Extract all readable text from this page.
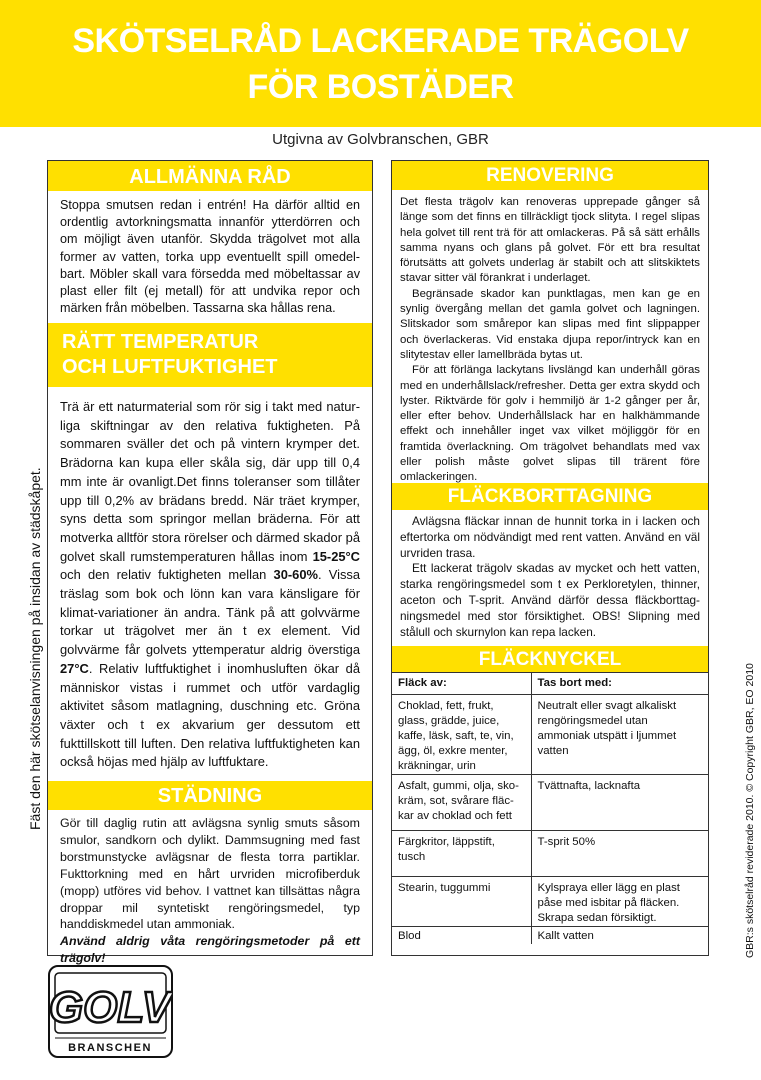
SKÖTSELRÅD LACKERADE TRÄGOLV
FÖR BOSTÄDER
Utgivna av Golvbranschen, GBR
Fäst den här skötselanvisningen på insidan av städskåpet.	GBR:s skötselråd reviderade 2010. © Copyright GBR, EO 2010
ALLMÄNNA RÅD

Stoppa smutsen redan i entrén! Ha därför alltid en ordentlig avtorkningsmatta innanför ytterdörren och om möjligt även utanför. Skydda trägolvet mot alla former av vatten, torka upp eventuellt spill omedel-bart. Möbler skall vara försedda med möbeltassar av plast eller filt (ej metall) för att undvika repor och märken från möbelben. Tassarna ska hållas rena.

RÄTT TEMPERATUR
OCH LUFTFUKTIGHET

Trä är ett naturmaterial som rör sig i takt med natur-liga skiftningar av den relativa fuktigheten. På sommaren sväller det och på vintern krymper det. Brädorna kan kupa eller skåla sig, där upp till 0,4 mm inte är ovanligt.Det finns toleranser som tillåter upp till 0,2% av brädans bredd. När träet krymper, syns detta som springor mellan bräderna. För att motverka alltför stora rörelser och därmed skador på golvet skall rumstemperaturen hållas inom 15-25°C och den relativ fuktigheten mellan 30-60%. Vissa träslag som bok och lönn kan vara känsligare för klimat-variationer än andra. Tänk på att golvvärme torkar ut trägolvet mer än t ex element. Vid golvvärme får golvets yttemperatur aldrig överstiga 27°C. Relativ luftfuktighet i inomhusluften ökar då människor vistas i rummet och utför vardaglig aktivitet såsom matlagning, duschning etc. Gröna växter och t ex akvarium ger dessutom ett fukttillskott till luften. Den relativa luftfuktigheten kan också höjas med hjälp av luftfuktare.

STÄDNING

Gör till daglig rutin att avlägsna synlig smuts såsom smulor, sandkorn och dylikt. Dammsugning med fast borstmunstycke avlägsnar de flesta torra partiklar. Fukttorkning med en hårt urvriden microfiberduk (mopp) utföres vid behov. I vattnet kan tillsättas några droppar mil syntetiskt rengöringsmedel, typ handdiskmedel utan ammoniak.

Använd aldrig våta rengöringsmetoder på ett trägolv!

RENOVERING

Det flesta trägolv kan renoveras upprepade gånger så länge som det finns en tillräckligt tjock slityta. I regel slipas hela golvet till rent trä för att omlackeras. På så sätt erhålls samma nyans och glans på golvet. För ett bra resultat förutsätts att golvets underlag är stabilt och att slitskiktets stavar sitter väl förankrat i underlaget.

Begränsade skador kan punktlagas, men kan ge en synlig övergång mellan det gamla golvet och lagningen. Slitskador som smårepor kan slipas med fint slippapper och överlackeras. Vid enstaka djupa repor/intryck kan en slitytestav eller lamellbräda bytas ut.

För att förlänga lackytans livslängd kan underhåll göras med en underhållslack/refresher. Detta ger extra skydd och lyster. Riktvärde för golv i hemmiljö är 1-2 gånger per år, eller efter behov. Underhållslack har en halkhämmande effekt och innehåller inget vax vilket möjliggör för en framtida överlackning. Om trägolvet behandlats med vax eller polish måste golvet slipas till trärent före omlackeringen.

FLÄCKBORTTAGNING

Avlägsna fläckar innan de hunnit torka in i lacken och eftertorka om nödvändigt med rent vatten. Använd en väl urvriden trasa.

Ett lackerat trägolv skadas av mycket och hett vatten, starka rengöringsmedel som t ex Perkloretylen, thinner, aceton och T-sprit. Använd därför dessa fläckborttag-ningsmedel med stor försiktighet. OBS! Slipning med stålull och skurnylon kan repa lacken.

FLÄCKNYCKEL
Fläck av:	Tas bort med:
Choklad, fett, frukt, glass, grädde, juice, kaffe, läsk, saft, te, vin, ägg, öl, exkre menter, kräkningar, urin	Neutralt eller svagt alkaliskt rengöringsmedel utan ammoniak utspätt i ljummet vatten
Asfalt, gummi, olja, sko-kräm, sot, svårare fläc-kar av choklad och fett	Tvättnafta, lacknafta
Färgkritor, läppstift, tusch	T-sprit 50%
Stearin, tuggummi	Kylspraya eller lägg en plast påse med isbitar på fläcken. Skrapa sedan försiktigt.
Blod	Kallt vatten
GOLV
BRANSCHEN
